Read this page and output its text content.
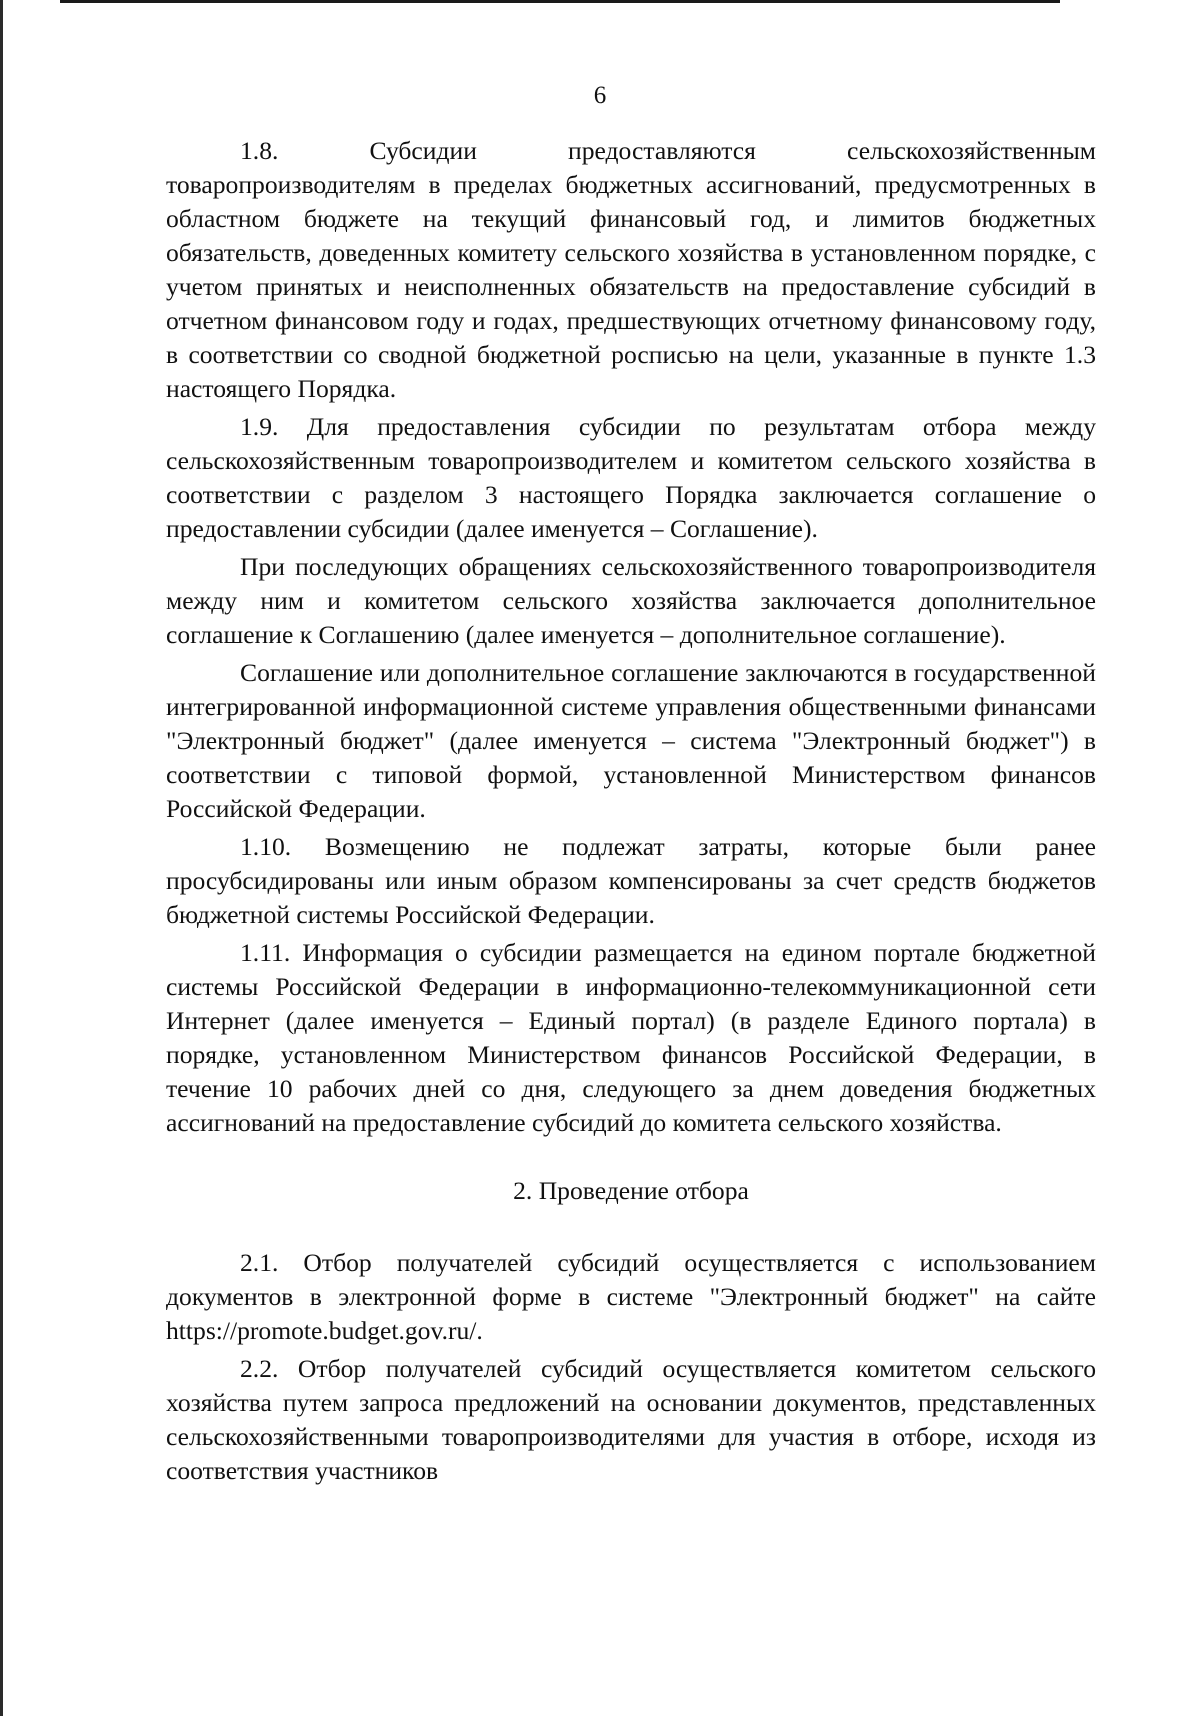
6

1.8. Субсидии предоставляются сельскохозяйственным товаропроизводителям в пределах бюджетных ассигнований, предусмотренных в областном бюджете на текущий финансовый год, и лимитов бюджетных обязательств, доведенных комитету сельского хозяйства в установленном порядке, с учетом принятых и неисполненных обязательств на предоставление субсидий в отчетном финансовом году и годах, предшествующих отчетному финансовому году, в соответствии со сводной бюджетной росписью на цели, указанные в пункте 1.3 настоящего Порядка.

1.9. Для предоставления субсидии по результатам отбора между сельскохозяйственным товаропроизводителем и комитетом сельского хозяйства в соответствии с разделом 3 настоящего Порядка заключается соглашение о предоставлении субсидии (далее именуется – Соглашение).

При последующих обращениях сельскохозяйственного товаропроизводителя между ним и комитетом сельского хозяйства заключается дополнительное соглашение к Соглашению (далее именуется – дополнительное соглашение).

Соглашение или дополнительное соглашение заключаются в государственной интегрированной информационной системе управления общественными финансами "Электронный бюджет" (далее именуется – система "Электронный бюджет") в соответствии с типовой формой, установленной Министерством финансов Российской Федерации.

1.10. Возмещению не подлежат затраты, которые были ранее просубсидированы или иным образом компенсированы за счет средств бюджетов бюджетной системы Российской Федерации.

1.11. Информация о субсидии размещается на едином портале бюджетной системы Российской Федерации в информационно-телекоммуникационной сети Интернет (далее именуется – Единый портал) (в разделе Единого портала) в порядке, установленном Министерством финансов Российской Федерации, в течение 10 рабочих дней со дня, следующего за днем доведения бюджетных ассигнований на предоставление субсидий до комитета сельского хозяйства.

2. Проведение отбора

2.1. Отбор получателей субсидий осуществляется с использованием документов в электронной форме в системе "Электронный бюджет" на сайте https://promote.budget.gov.ru/.

2.2. Отбор получателей субсидий осуществляется комитетом сельского хозяйства путем запроса предложений на основании документов, представленных сельскохозяйственными товаропроизводителями для участия в отборе, исходя из соответствия участников
